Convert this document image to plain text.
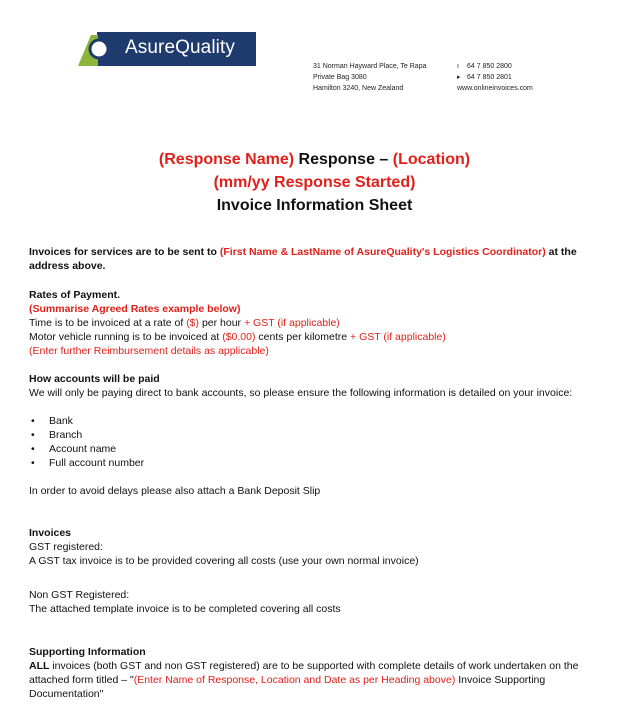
AsureQuality
31 Norman Hayward Place, Te Rapa
Private Bag 3080
Hamilton 3240, New Zealand
ı	64 7 850 2800
▸ 64 7 850 2801
www.onlineinvoices.com
(Response Name) Response – (Location)
(mm/yy Response Started)
Invoice Information Sheet
Invoices for services are to be sent to (First Name & LastName of AsureQuality's Logistics Coordinator) at the address above.
Rates of Payment.
(Summarise Agreed Rates example below)
Time is to be invoiced at a rate of ($) per hour + GST (if applicable)
Motor vehicle running is to be invoiced at ($0.00) cents per kilometre + GST (if applicable)
(Enter further Reimbursement details as applicable)
How accounts will be paid
We will only be paying direct to bank accounts, so please ensure the following information is detailed on your invoice:
• Bank
• Branch
• Account name
• Full account number
In order to avoid delays please also attach a Bank Deposit Slip
Invoices
GST registered:
A GST tax invoice is to be provided covering all costs (use your own normal invoice)
Non GST Registered:
The attached template invoice is to be completed covering all costs
Supporting Information
ALL invoices (both GST and non GST registered) are to be supported with complete details of work undertaken on the attached form titled – "(Enter Name of Response, Location and Date as per Heading above) Invoice Supporting Documentation"
